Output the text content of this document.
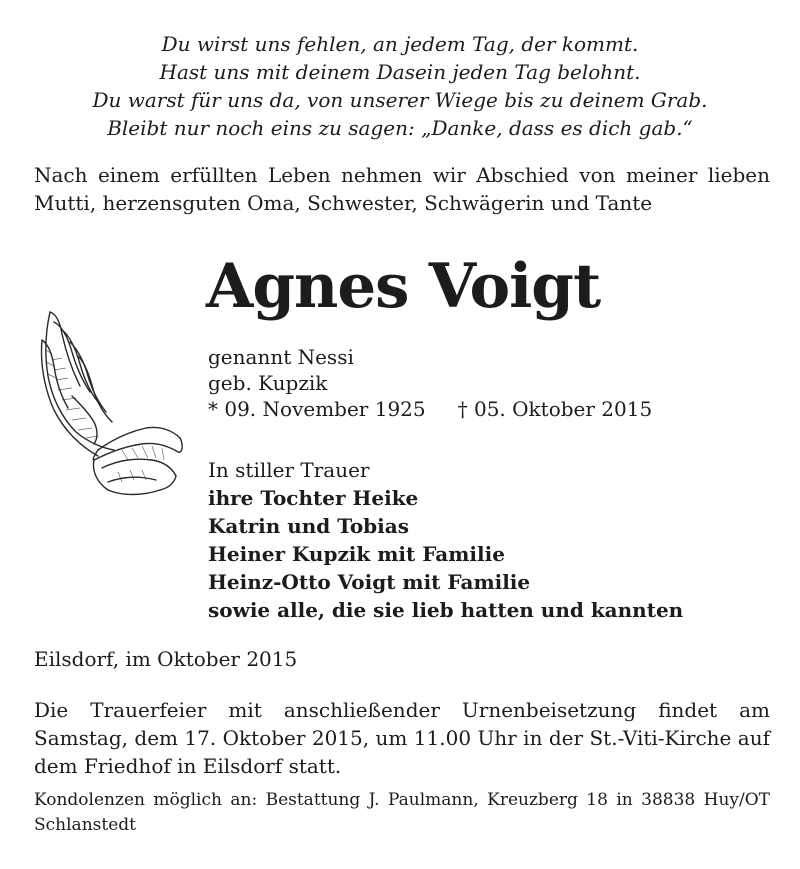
Du wirst uns fehlen, an jedem Tag, der kommt.
Hast uns mit deinem Dasein jeden Tag belohnt.
Du warst für uns da, von unserer Wiege bis zu deinem Grab.
Bleibt nur noch eins zu sagen: „Danke, dass es dich gab.“
Nach einem erfüllten Leben nehmen wir Abschied von meiner lieben Mutti, herzensguten Oma, Schwester, Schwägerin und Tante
Agnes Voigt
genannt Nessi
geb. Kupzik
* 09. November 1925 † 05. Oktober 2015
In stiller Trauer
ihre Tochter Heike
Katrin und Tobias
Heiner Kupzik mit Familie
Heinz-Otto Voigt mit Familie
sowie alle, die sie lieb hatten und kannten
Eilsdorf, im Oktober 2015
Die Trauerfeier mit anschließender Urnenbeisetzung findet am Samstag, dem 17. Oktober 2015, um 11.00 Uhr in der St.-Viti-Kirche auf dem Friedhof in Eilsdorf statt.
Kondolenzen möglich an: Bestattung J. Paulmann, Kreuzberg 18 in 38838 Huy/OT Schlanstedt
